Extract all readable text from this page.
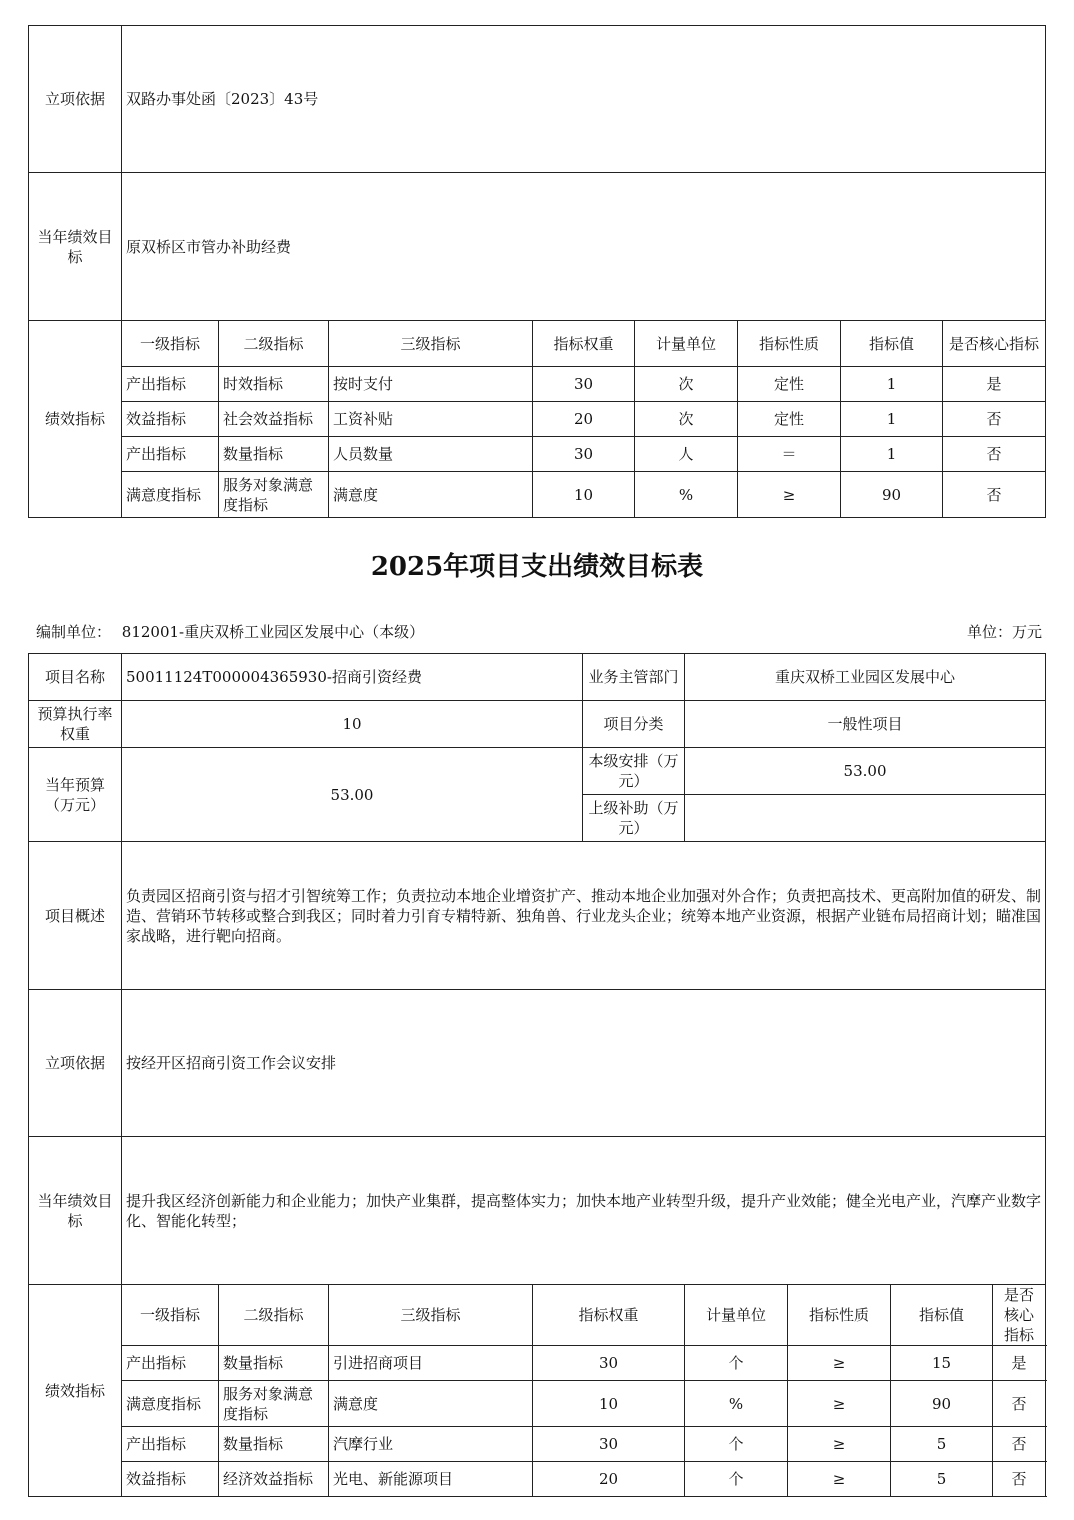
立项依据	双路办事处函〔2023〕43号							
当年绩效目标	原双桥区市管办补助经费							
绩效指标	一级指标	二级指标	三级指标	指标权重	计量单位	指标性质	指标值	是否核心指标
	产出指标	时效指标	按时支付	30	次	定性	1	是
	效益指标	社会效益指标	工资补贴	20	次	定性	1	否
	产出指标	数量指标	人员数量	30	人	＝	1	否
	满意度指标	服务对象满意度指标	满意度	10	%	≥	90	否
2025年项目支出绩效目标表
编制单位： 812001-重庆双桥工业园区发展中心（本级）	单位：万元
项目名称	50011124T000004365930-招商引资经费				业务主管部门	重庆双桥工业园区发展中心			
预算执行率权重	10				项目分类	一般性项目			
当年预算（万元）	53.00				本级安排（万元）	53.00			
					上级补助（万元）				
项目概述	负责园区招商引资与招才引智统筹工作；负责拉动本地企业增资扩产、推动本地企业加强对外合作；负责把高技术、更高附加值的研发、制造、营销环节转移或整合到我区；同时着力引育专精特新、独角兽、行业龙头企业；统筹本地产业资源，根据产业链布局招商计划；瞄准国家战略，进行靶向招商。								
立项依据	按经开区招商引资工作会议安排								
当年绩效目标	提升我区经济创新能力和企业能力；加快产业集群，提高整体实力；加快本地产业转型升级，提升产业效能；健全光电产业，汽摩产业数字化、智能化转型；								
绩效指标	一级指标	二级指标	三级指标	指标权重		计量单位	指标性质	指标值	是否核心指标
	产出指标	数量指标	引进招商项目	30		个	≥	15	是
	满意度指标	服务对象满意度指标	满意度	10		%	≥	90	否
	产出指标	数量指标	汽摩行业	30		个	≥	5	否
	效益指标	经济效益指标	光电、新能源项目	20		个	≥	5	否
